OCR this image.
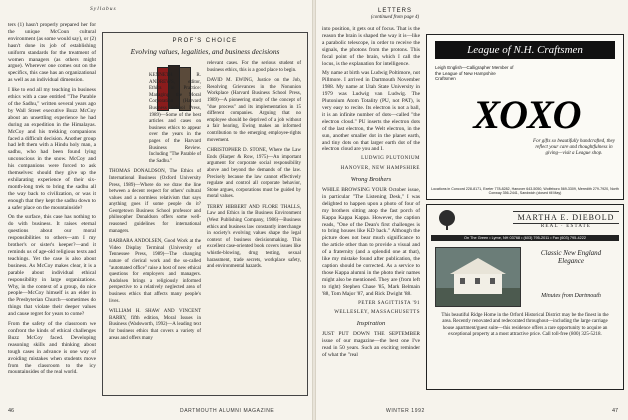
Syllabus

ters (1) hasn't properly prepared her for the unique McCoun cultural environment (as some would say), or (2) hasn't done its job of establishing uniform standards for the treatment of women managers (as others might argue). Wherever one comes out on the specifics, this case has an organizational as well as an individual dimension.

I like to end all my teaching in business ethics with a case entitled "The Parable of the Sadhu," written several years ago by Wall Street executive Buzz McCoy about an unsettling experience he had during an expedition in the Himalayas. McCoy and his trekking companions faced a difficult decision. Another group had left them with a Hindu holy man, a sadhu, who had been found lying unconscious in the snow. McCoy and his companions were forced to ask themselves: should they give up the exhilarating experience of their six-month-long trek to bring the sadhu all the way back to civilization, or was it enough that they kept the sadhu down to a safer place on the mountainside?

On the surface, this case has nothing to do with business. It raises eternal questions about our moral responsibilities to others—am I my brother's or sister's keeper?—and it reminds us of age-old religious texts and teachings. Yet the case is also about business. As McCoy makes clear, it is a parable about individual ethical responsibility in large organizations. Why, in the context of a group, do nice people—McCoy himself is an elder in the Presbyterian Church—sometimes do things that violate their deeper values and cause regret for years to come?

From the safety of the classroom we confront the kinds of ethical challenges Buzz McCoy faced. Developing reasoning skills and thinking about tough cases in advance is one way of avoiding mistakes when students move from the classroom to the icy mountainsides of the real world.

PROF'S CHOICE
Evolving values, legalities, and business decisions

KENNETH R. ANDREWS, editor, Ethics in Practice: Managing the Moral Corporation (Harvard Business School Press, 1989)—Some of the best articles and cases on business ethics to appear over the years in the pages of the Harvard Business Review. Including "The Parable of the Sadhu."

THOMAS DONALDSON, The Ethics of International Business (Oxford University Press, 1989)—Where do we draw the line between a decent respect for others' cultural values and a normless relativism that says anything goes if some people do it? Georgetown Business School professor and philosopher Donaldson offers some well-reasoned guidelines for international managers.

BARBARA ANDOLSEN, Good Work at the Video Display Terminal (University of Tennessee Press, 1989)—The changing nature of clerical work and the so-called "automated office" raise a host of new ethical questions for employers and managers. Andolsen brings a religiously informed perspective to a relatively neglected area of business ethics that affects many people's lives.

WILLIAM H. SHAW AND VINCENT BARRY, fifth edition, Moral Issues in Business (Wadsworth, 1992)—A leading text for business ethics that covers a variety of areas and offers many

relevant cases. For the serious student of business ethics, this is a good place to begin.

DAVID M. EWING, Justice on the Job, Resolving Grievances in the Nonunion Workplace (Harvard Business School Press, 1989)—A pioneering study of the concept of "due process" and its implementation in 15 different companies. Arguing that no employee should be deprived of a job without a fair hearing, Ewing makes an informed contribution to the emerging employee-rights movement.

CHRISTOPHER D. STONE, Where the Law Ends (Harper & Row, 1975)—An important argument for corporate social responsibility above and beyond the demands of the law. Precisely because the law cannot effectively regulate and control all corporate behavior, Stone argues, corporations must be guided by moral values.

TERRY HIBBERT AND FLORE THALLS, Law and Ethics in the Business Environment (West Publishing Company, 1986)—Business ethics and business law constantly interchange in society's evolving values shape the legal context of business decisionmaking. This excellent case-oriented book covers issues like whistle-blowing, drug testing, sexual harassment, trade secrets, workplace safety, and environmental hazards.

46	DARTMOUTH ALUMNI MAGAZINE
LETTERS
(continued from page 4)

into position, it gets out of focus. That is the reason the brain is shaped the way it is—like a parabolic telescope, in order to receive the signals, the photons from the protons. This focal point of the brain, which I call the locus, is the explanation for intelligence.

My name at birth was Ludwig Poltimore, not Pillmore. I arrived in Dartmouth November 1988. My name at Utah State University in 1979 was Ludwig van Ludwig. The Plutonium Atom Totality (PU, not PAT), is very easy to recite. Its electron is not a ball, it is an infinite number of dots—called "the electron cloud." PU inserts the electron dots of the last electron, the Welt electron, in the sun, another smaller dot in the planet earth, and tiny dots on that larger earth dot of the electron cloud are you and I.

LUDWIG PLUTONIUM
HANOVER, NEW HAMPSHIRE
Wrong Brothers

WHILE BROWSING YOUR October issue, in particular "The Listening Desk," I was delighted to happen upon a photo of four of my brothers sitting atop the fast porch of Kappa Kappa Kappa. However, the caption reads, "One of the Dean's first challenges is to bring houses like KD back." Although the picture does not bear much significance to the article other than to provide a visual and of a fraternity (and a splendid one at that), like my mistake found after publication, the caption should be corrected. As a service to those Kappa alumni in the photo their names might also be mentioned. They are (from left to right) Stephen Chase '85, Mark Belmain '88, Tom Major '87, and Rick Dwight '88.

PETER SAGITTISTA '91
WELLESLEY, MASSACHUSETTS
Inspiration

JUST PUT DOWN THE SEPTEMBER issue of our magazine—the best one I've read in 50 years. Such an exciting reminder of what the "real

League of N.H. Craftsmen
Leigh English—Calligrapher Member of the League of New Hampshire Craftsmen
XOXO
For gifts so beautifully handcrafted, they reflect your care and thoughtfulness in giving—visit a League shop.
Locations in Concord 228-8171, Exeter 778-8282, Hanover 643-5050, Wolfeboro 569-3309, Meredith 279-7920, North Conway 356-2441, Sandwich (closed till May)
MARTHA E. DIEBOLD
REAL · ESTATE
On The Green • Lyme, NH 03768 • (603) 795-2011 • Fax (603) 795-4222
Classic New England Elegance
Minutes from Dartmouth
This beautiful Ridge Home in the Orford Historical District may be the finest in the area. Recently renovated and redecorated throughout—including the large carriage house apartment/guest suite—this residence offers a rare opportunity to acquire an exceptional property at a most attractive price. Call toll-free (800) 325-5218.
WINTER 1992	47
